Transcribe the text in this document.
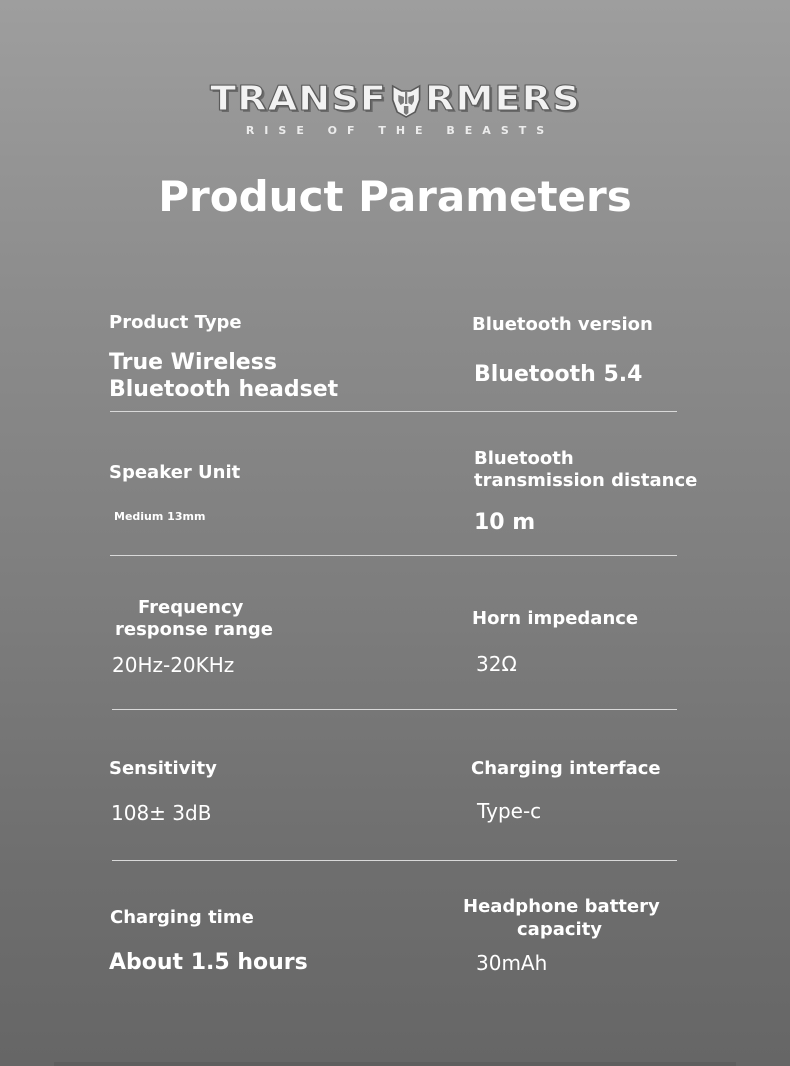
TRANSF RMERS
RISE OF THE BEASTS
Product Parameters
Product Type
True Wireless
Bluetooth headset
Bluetooth version
Bluetooth 5.4
Speaker Unit
Medium 13mm
Bluetooth
transmission distance
10 m
Frequency
response range
20Hz-20KHz
Horn impedance
32Ω
Sensitivity
108± 3dB
Charging interface
Type-c
Charging time
About 1.5 hours
Headphone battery
capacity
30mAh
